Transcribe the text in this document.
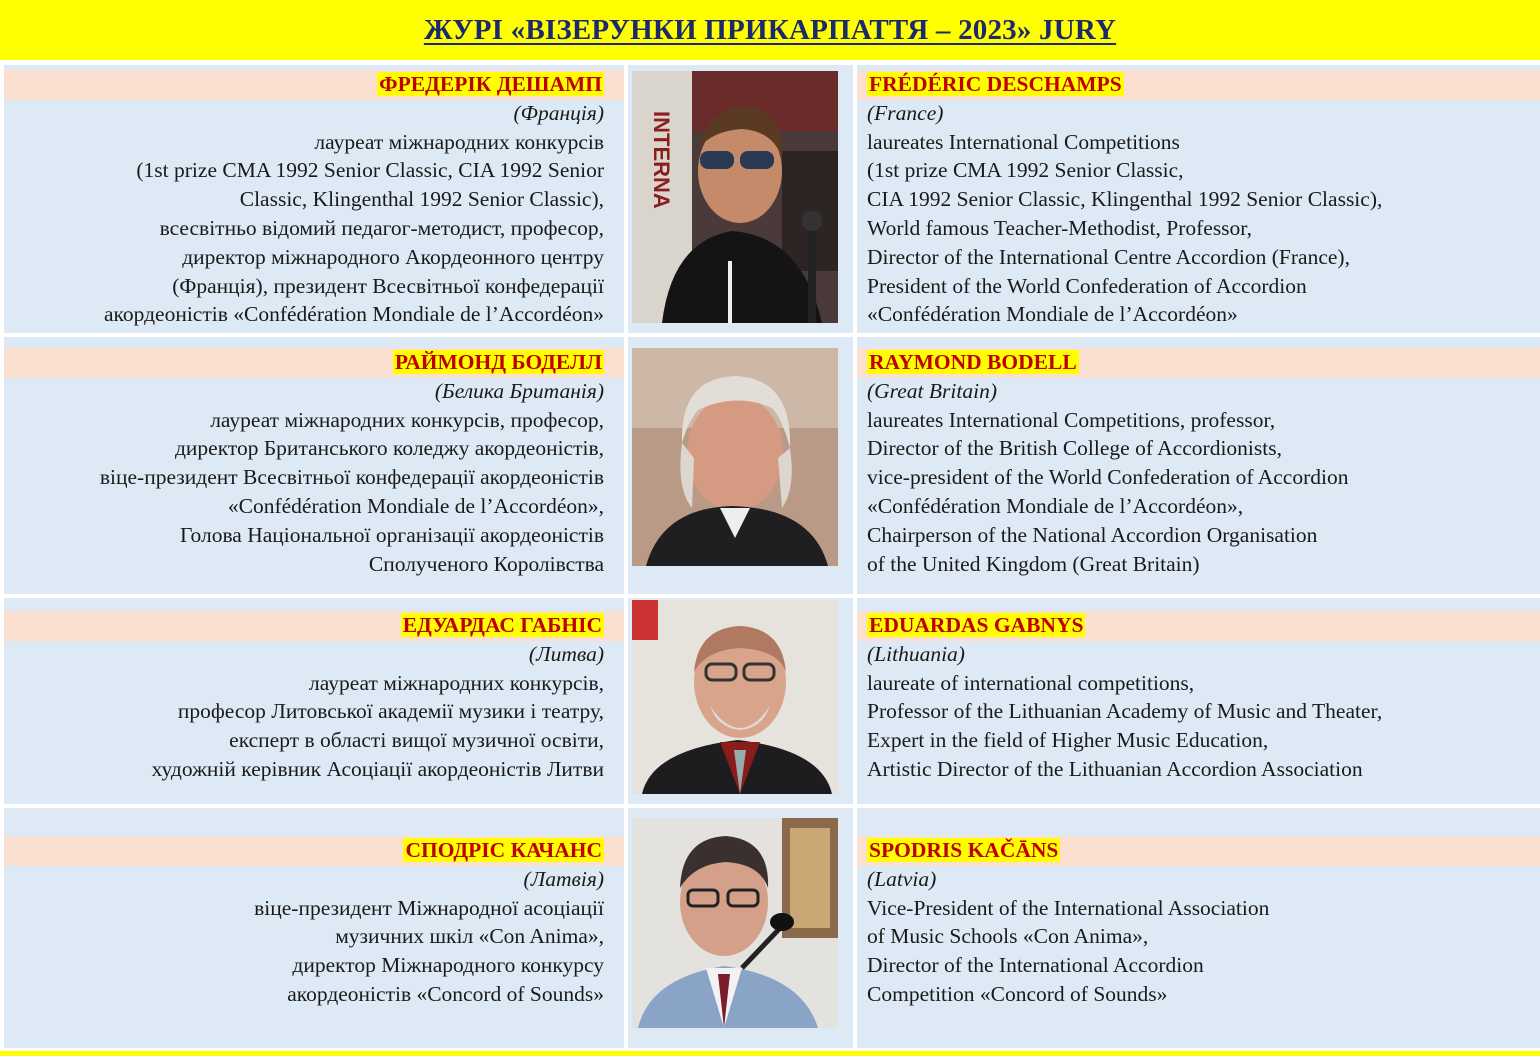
ЖУРІ «ВІЗЕРУНКИ ПРИКАРПАТТЯ – 2023» JURY
ФРЕДЕРІК ДЕШАМП
(Франція)
лауреат міжнародних конкурсів
(1st prize CMA 1992 Senior Classic, CIA 1992 Senior
Classic, Klingenthal 1992 Senior Classic),
всесвітньо відомий педагог-методист, професор,
директор міжнародного Акордеонного центру
(Франція), президент Всесвітньої конфедерації
акордеоністів «Confédération Mondiale de l’Accordéon»
INTERNA
FRÉDÉRIC DESCHAMPS
(France)
laureates International Competitions
(1st prize CMA 1992 Senior Classic,
CIA 1992 Senior Classic, Klingenthal 1992 Senior Classic),
World famous Teacher-Methodist, Professor,
Director of the International Centre Accordion (France),
President of the World Confederation of Accordion
«Confédération Mondiale de l’Accordéon»
РАЙМОНД БОДЕЛЛ
(Белика Британія)
лауреат міжнародних конкурсів, професор,
директор Британського коледжу акордеоністів,
віце-президент Всесвітньої конфедерації акордеоністів
«Confédération Mondiale de l’Accordéon»,
Голова Національної організації акордеоністів
Сполученого Королівства
RAYMOND BODELL
(Great Britain)
laureates International Competitions, professor,
Director of the British College of Accordionists,
vice-president of the World Confederation of Accordion
«Confédération Mondiale de l’Accordéon»,
Chairperson of the National Accordion Organisation
of the United Kingdom (Great Britain)
ЕДУАРДАС ГАБНІС
(Литва)
лауреат міжнародних конкурсів,
професор Литовської академії музики і театру,
експерт в області вищої музичної освіти,
художній керівник Асоціації акордеоністів Литви
EDUARDAS GABNYS
(Lithuania)
laureate of international competitions,
Professor of the Lithuanian Academy of Music and Theater,
Expert in the field of Higher Music Education,
Artistic Director of the Lithuanian Accordion Association
СПОДРІС КАЧАНС
(Латвія)
віце-президент Міжнародної асоціації
музичних шкіл «Con Anima»,
директор Міжнародного конкурсу
акордеоністів «Concord of Sounds»
SPODRIS KAČĀNS
(Latvia)
Vice-President of the International Association
of Music Schools «Con Anima»,
Director of the International Accordion
Competition «Concord of Sounds»
